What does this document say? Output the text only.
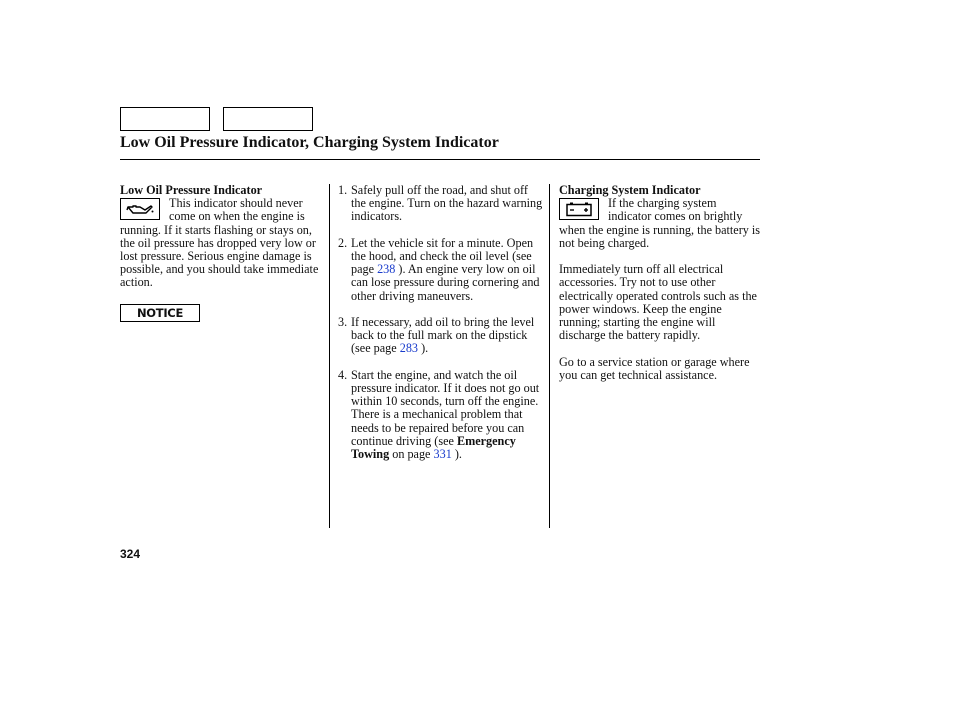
Low Oil Pressure Indicator, Charging System Indicator

Low Oil Pressure Indicator

This indicator should never come on when the engine is running. If it starts flashing or stays on, the oil pressure has dropped very low or lost pressure. Serious engine damage is possible, and you should take immediate action.

NOTICE
1. Safely pull off the road, and shut off the engine. Turn on the hazard warning indicators.
2. Let the vehicle sit for a minute. Open the hood, and check the oil level (see page 238 ). An engine very low on oil can lose pressure during cornering and other driving maneuvers.
3. If necessary, add oil to bring the level back to the full mark on the dipstick (see page 283 ).
4. Start the engine, and watch the oil pressure indicator. If it does not go out within 10 seconds, turn off the engine. There is a mechanical problem that needs to be repaired before you can continue driving (see Emergency Towing on page 331 ).

Charging System Indicator

If the charging system indicator comes on brightly when the engine is running, the battery is not being charged.

Immediately turn off all electrical accessories. Try not to use other electrically operated controls such as the power windows. Keep the engine running; starting the engine will discharge the battery rapidly.

Go to a service station or garage where you can get technical assistance.

324
